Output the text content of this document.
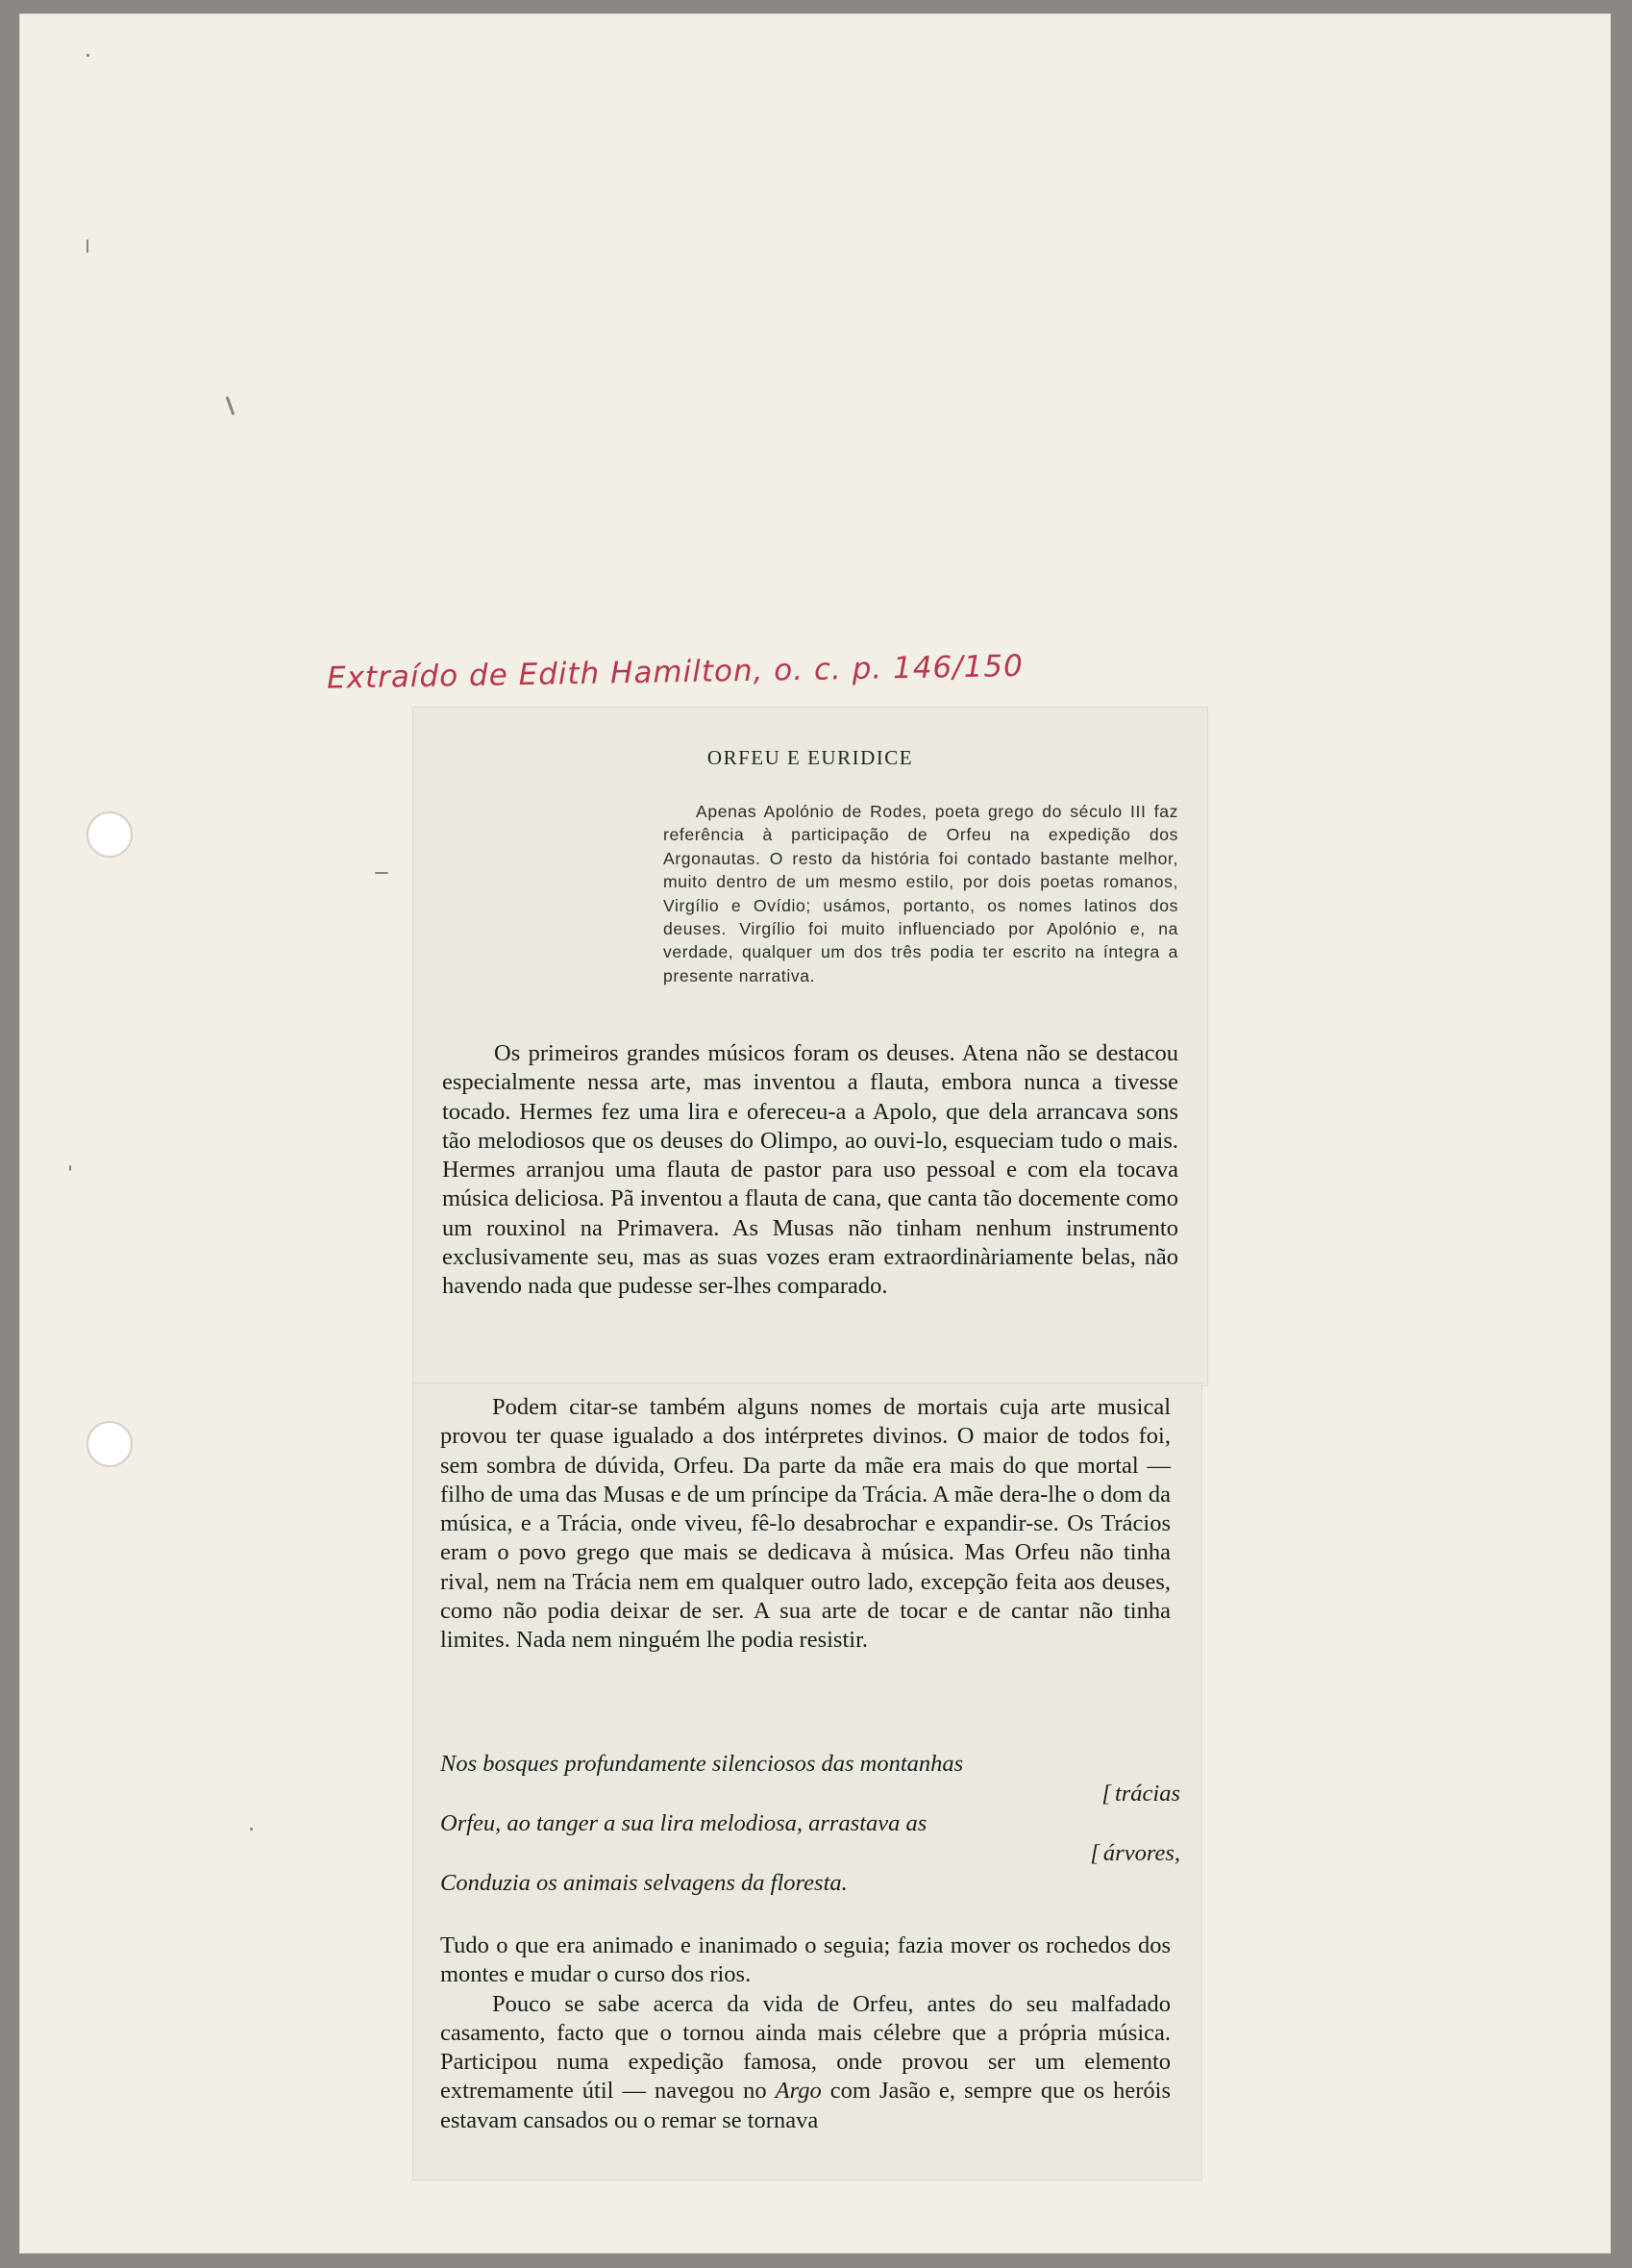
Extraído de Edith Hamilton, o. c. p. 146/150
ORFEU E EURIDICE
Apenas Apolónio de Rodes, poeta grego do século III faz referência à participação de Orfeu na expedição dos Argonautas. O resto da história foi contado bastante melhor, muito dentro de um mesmo estilo, por dois poetas romanos, Virgílio e Ovídio; usámos, portanto, os nomes latinos dos deuses. Virgílio foi muito influenciado por Apolónio e, na verdade, qualquer um dos três podia ter escrito na íntegra a presente narrativa.
Os primeiros grandes músicos foram os deuses. Atena não se destacou especialmente nessa arte, mas inventou a flauta, embora nunca a tivesse tocado. Hermes fez uma lira e ofereceu-a a Apolo, que dela arrancava sons tão melodiosos que os deuses do Olimpo, ao ouvi-lo, esqueciam tudo o mais. Hermes arranjou uma flauta de pastor para uso pessoal e com ela tocava música deliciosa. Pã inventou a flauta de cana, que canta tão docemente como um rouxinol na Primavera. As Musas não tinham nenhum instrumento exclusivamente seu, mas as suas vozes eram extraordinàriamente belas, não havendo nada que pudesse ser-lhes comparado.
Podem citar-se também alguns nomes de mortais cuja arte musical provou ter quase igualado a dos intérpretes divinos. O maior de todos foi, sem sombra de dúvida, Orfeu. Da parte da mãe era mais do que mortal — filho de uma das Musas e de um príncipe da Trácia. A mãe dera-lhe o dom da música, e a Trácia, onde viveu, fê-lo desabrochar e expandir-se. Os Trácios eram o povo grego que mais se dedicava à música. Mas Orfeu não tinha rival, nem na Trácia nem em qualquer outro lado, excepção feita aos deuses, como não podia deixar de ser. A sua arte de tocar e de cantar não tinha limites. Nada nem ninguém lhe podia resistir.
Nos bosques profundamente silenciosos das montanhas
[ trácias
Orfeu, ao tanger a sua lira melodiosa, arrastava as
[ árvores,
Conduzia os animais selvagens da floresta.
Tudo o que era animado e inanimado o seguia; fazia mover os rochedos dos montes e mudar o curso dos rios.
Pouco se sabe acerca da vida de Orfeu, antes do seu malfadado casamento, facto que o tornou ainda mais célebre que a própria música. Participou numa expedição famosa, onde provou ser um elemento extremamente útil — navegou no Argo com Jasão e, sempre que os heróis estavam cansados ou o remar se tornava
